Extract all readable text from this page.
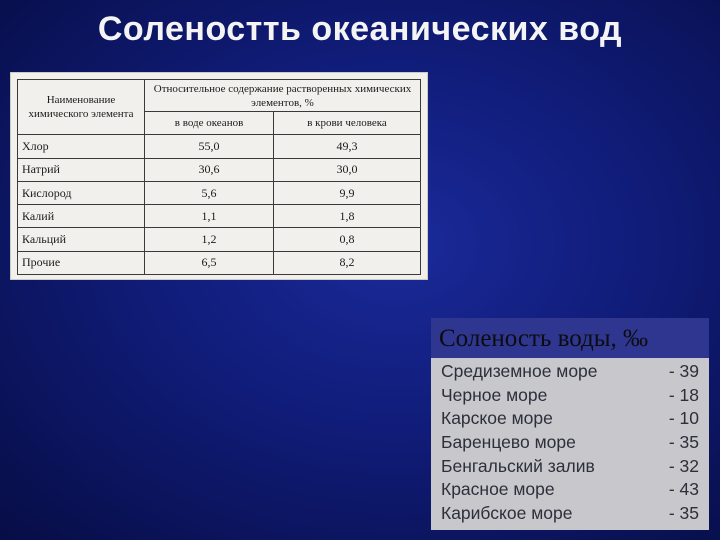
Соленостть океанических вод
Наименование химического элемента	Относительное содержание растворенных химических элементов, %	
	в воде океанов	в крови человека
Хлор	55,0	49,3
Натрий	30,6	30,0
Кислород	5,6	9,9
Калий	1,1	1,8
Кальций	1,2	0,8
Прочие	6,5	8,2
Соленость воды, ‰
Средиземное море	- 39
Черное море	- 18
Карское море	- 10
Баренцево море	- 35
Бенгальский залив	- 32
Красное море	- 43
Карибское море	- 35
